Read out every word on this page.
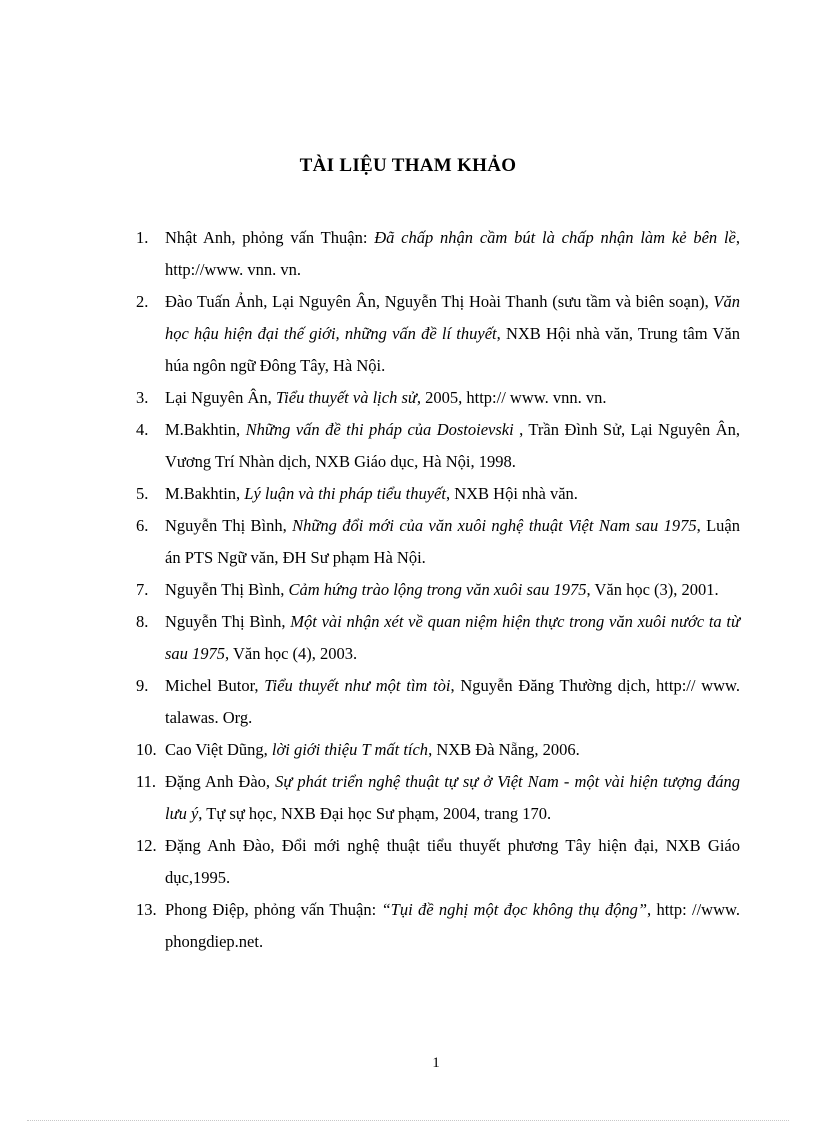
TÀI LIỆU THAM KHẢO
1. Nhật Anh, phỏng vấn Thuận: Đã chấp nhận cầm bút là chấp nhận làm kẻ bên lề, http://www. vnn. vn.
2. Đào Tuấn Ảnh, Lại Nguyên Ân, Nguyễn Thị Hoài Thanh (sưu tầm và biên soạn), Văn học hậu hiện đại thế giới, những vấn đề lí thuyết, NXB Hội nhà văn, Trung tâm Văn húa ngôn ngữ Đông Tây, Hà Nội.
3. Lại Nguyên Ân, Tiểu thuyết và lịch sử, 2005, http:// www. vnn. vn.
4. M.Bakhtin, Những vấn đề thi pháp của Dostoievski , Trần Đình Sử, Lại Nguyên Ân, Vương Trí Nhàn dịch, NXB Giáo dục, Hà Nội, 1998.
5. M.Bakhtin, Lý luận và thi pháp tiểu thuyết, NXB Hội nhà văn.
6. Nguyễn Thị Bình, Những đổi mới của văn xuôi nghệ thuật Việt Nam sau 1975, Luận án PTS Ngữ văn, ĐH Sư phạm Hà Nội.
7. Nguyễn Thị Bình, Cảm hứng trào lộng trong văn xuôi sau 1975, Văn học (3), 2001.
8. Nguyễn Thị Bình, Một vài nhận xét về quan niệm hiện thực trong văn xuôi nước ta từ sau 1975, Văn học (4), 2003.
9. Michel Butor, Tiểu thuyết như một tìm tòi, Nguyễn Đăng Thường dịch, http:// www. talawas. Org.
10. Cao Việt Dũng, lời giới thiệu T mất tích, NXB Đà Nẵng, 2006.
11. Đặng Anh Đào, Sự phát triển nghệ thuật tự sự ở Việt Nam - một vài hiện tượng đáng lưu ý, Tự sự học, NXB Đại học Sư phạm, 2004, trang 170.
12. Đặng Anh Đào, Đổi mới nghệ thuật tiểu thuyết phương Tây hiện đại, NXB Giáo dục,1995.
13. Phong Điệp, phỏng vấn Thuận: “Tụi đề nghị một đọc không thụ động”, http: //www. phongdiep.net.
1
